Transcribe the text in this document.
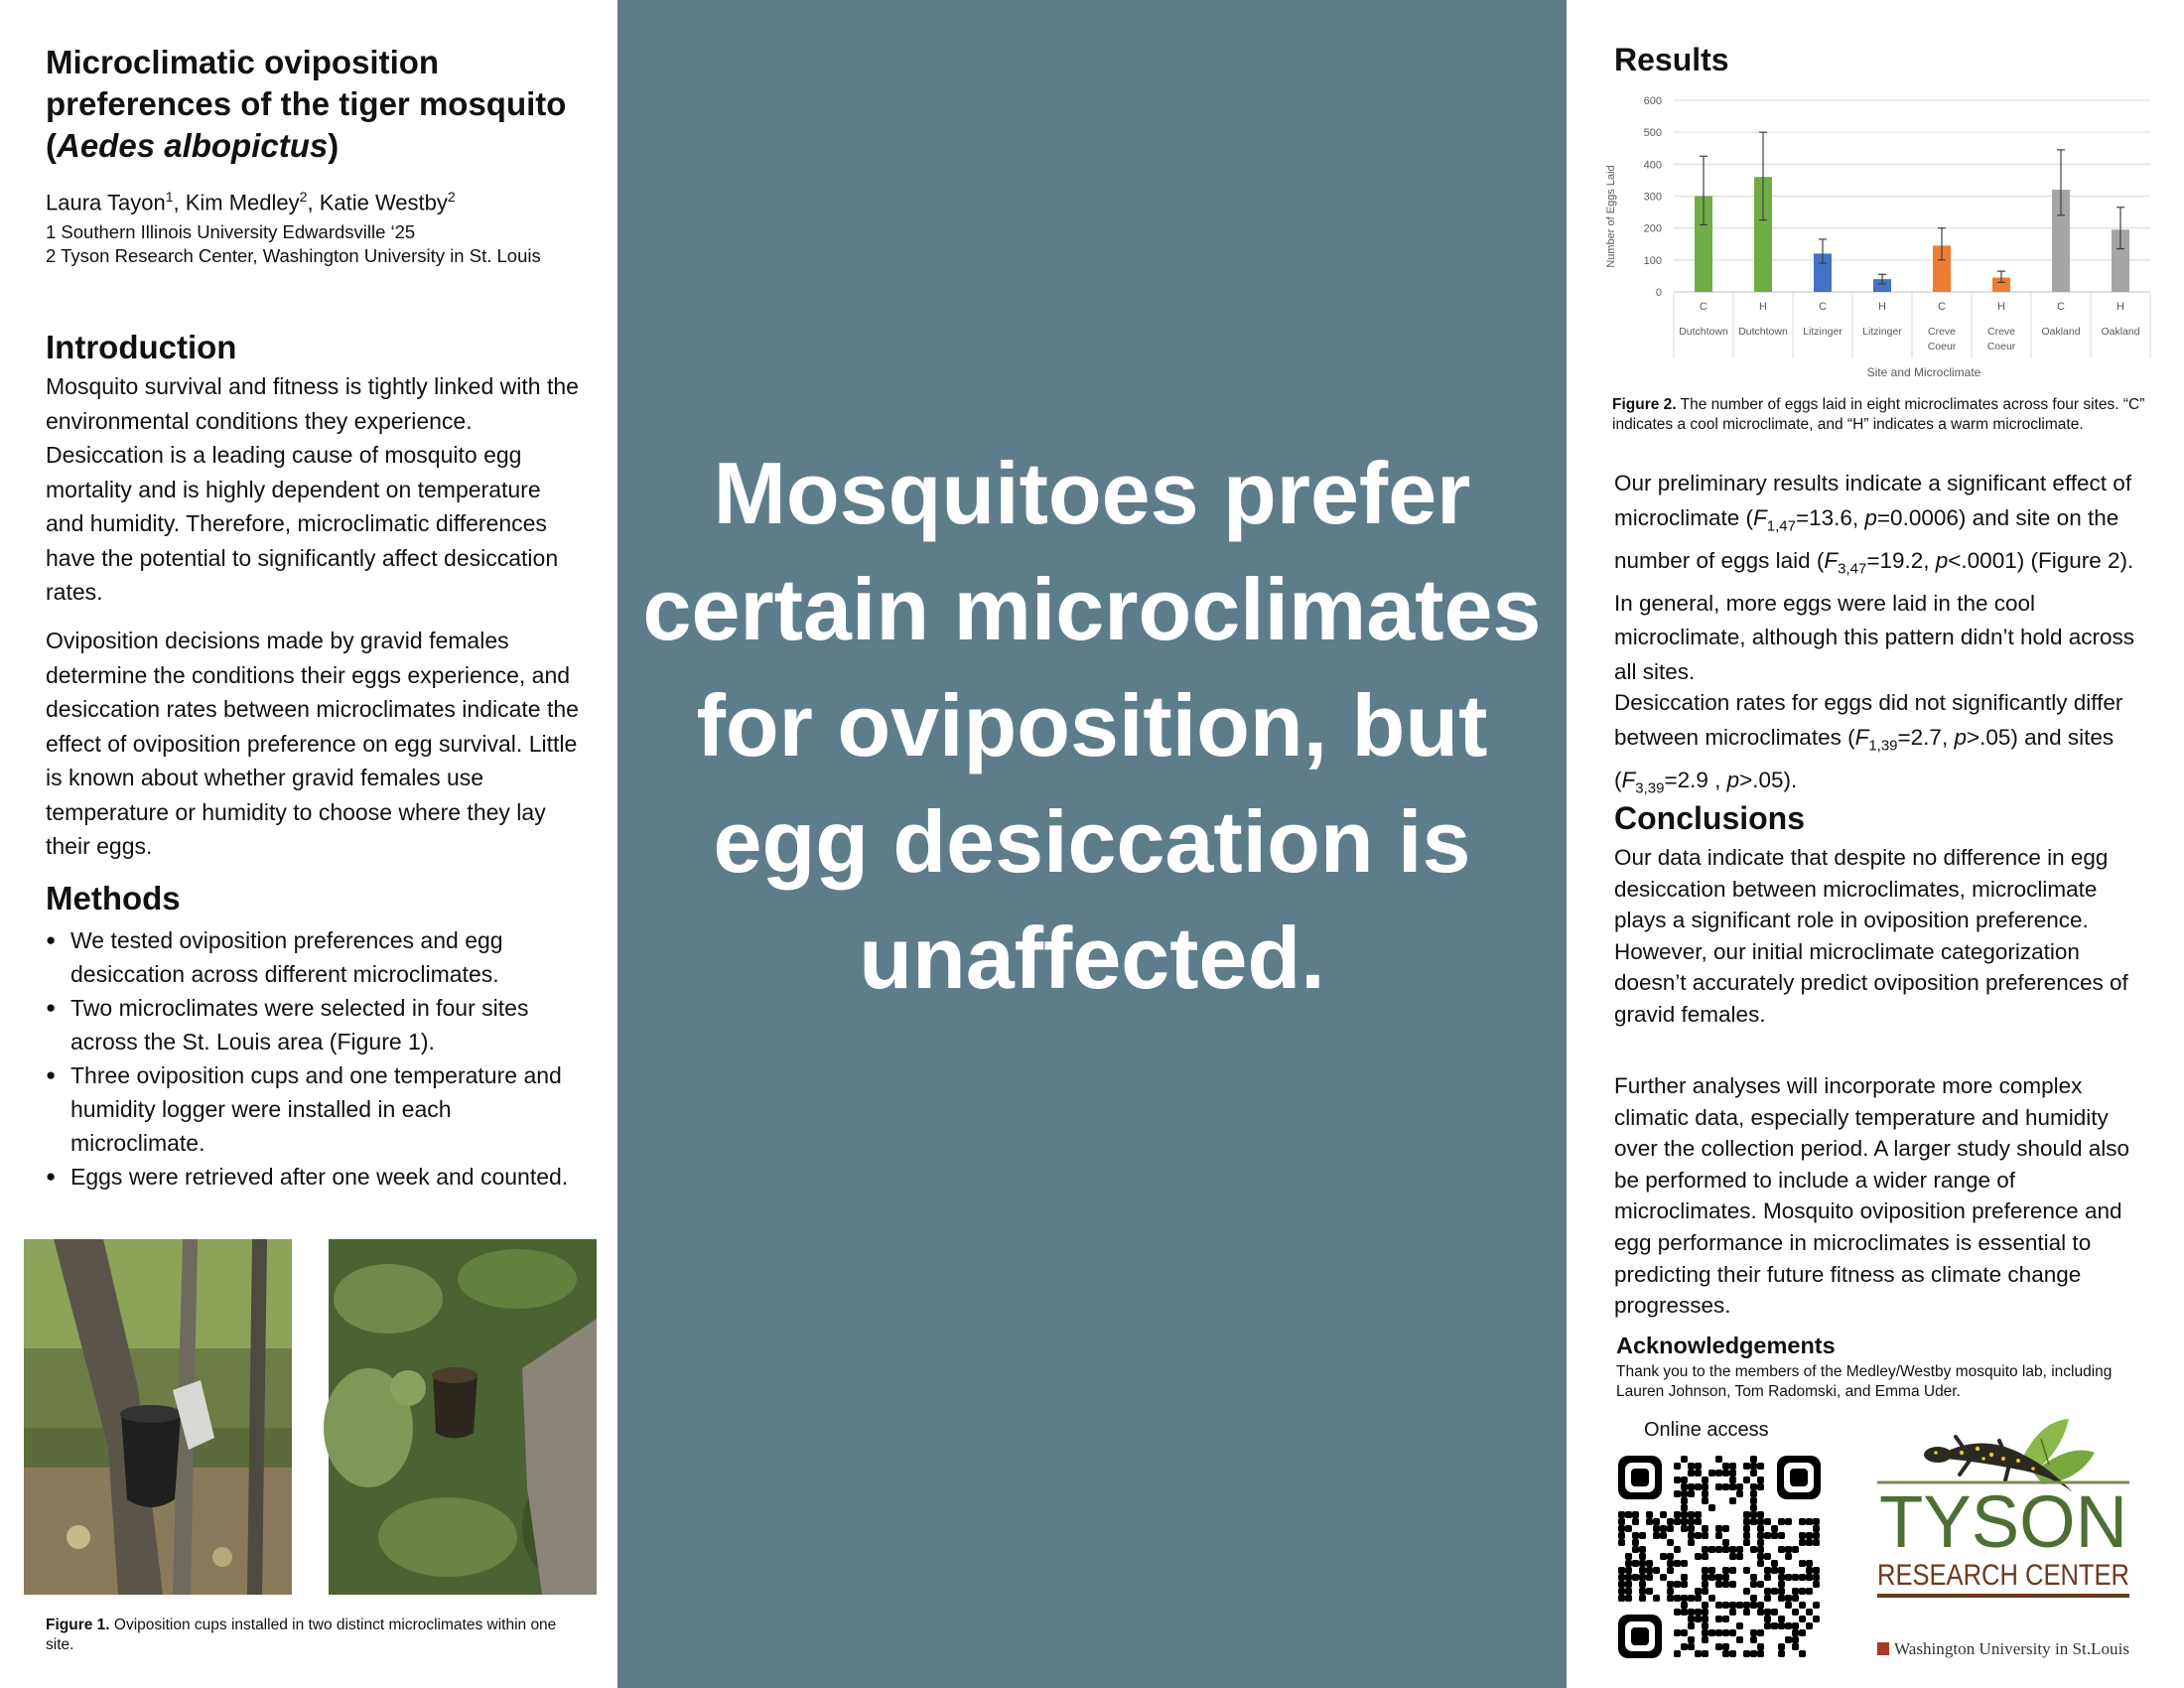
Microclimatic oviposition preferences of the tiger mosquito (Aedes albopictus)
Laura Tayon$^1$, Kim Medley$^2$, Katie Westby$^2$
1 Southern Illinois University Edwardsville ‘25
2 Tyson Research Center, Washington University in St. Louis
Introduction

Mosquito survival and fitness is tightly linked with the environmental conditions they experience. Desiccation is a leading cause of mosquito egg mortality and is highly dependent on temperature and humidity. Therefore, microclimatic differences have the potential to significantly affect desiccation rates.

Oviposition decisions made by gravid females determine the conditions their eggs experience, and desiccation rates between microclimates indicate the effect of oviposition preference on egg survival. Little is known about whether gravid females use temperature or humidity to choose where they lay their eggs.

Methods
● We tested oviposition preferences and egg desiccation across different microclimates.
● Two microclimates were selected in four sites across the St. Louis area (Figure 1).
● Three oviposition cups and one temperature and humidity logger were installed in each microclimate.
● Eggs were retrieved after one week and counted.

Figure 1. Oviposition cups installed in two distinct microclimates within one site.

Mosquitoes prefer certain microclimates for oviposition, but egg desiccation is unaffected.

Results
0
100
200
300
400
500
600
C
Dutchtown
H
Dutchtown
C
Litzinger
H
Litzinger
C
Creve
Coeur
H
Creve
Coeur
C
Oakland
H
Oakland
Number of Eggs Laid
Site and Microclimate

Figure 2. The number of eggs laid in eight microclimates across four sites. “C” indicates a cool microclimate, and “H” indicates a warm microclimate.

Our preliminary results indicate a significant effect of microclimate ($F_{1,47}=13.6$, p=0.0006) and site on the number of eggs laid ($F_{3,47}=19.2$, p<.0001) (Figure 2). In general, more eggs were laid in the cool microclimate, although this pattern didn’t hold across all sites.

Desiccation rates for eggs did not significantly differ between microclimates ($F_{1,39}=2.7$, p>.05) and sites ($F_{3,39}=2.9$ , p>.05).

Conclusions

Our data indicate that despite no difference in egg desiccation between microclimates, microclimate plays a significant role in oviposition preference. However, our initial microclimate categorization doesn’t accurately predict oviposition preferences of gravid females.

Further analyses will incorporate more complex climatic data, especially temperature and humidity over the collection period. A larger study should also be performed to include a wider range of microclimates. Mosquito oviposition preference and egg performance in microclimates is essential to predicting their future fitness as climate change progresses.

Acknowledgements

Thank you to the members of the Medley/Westby mosquito lab, including Lauren Johnson, Tom Radomski, and Emma Uder.

Online access
TYSON
RESEARCH CENTER
Washington University in St.Louis
